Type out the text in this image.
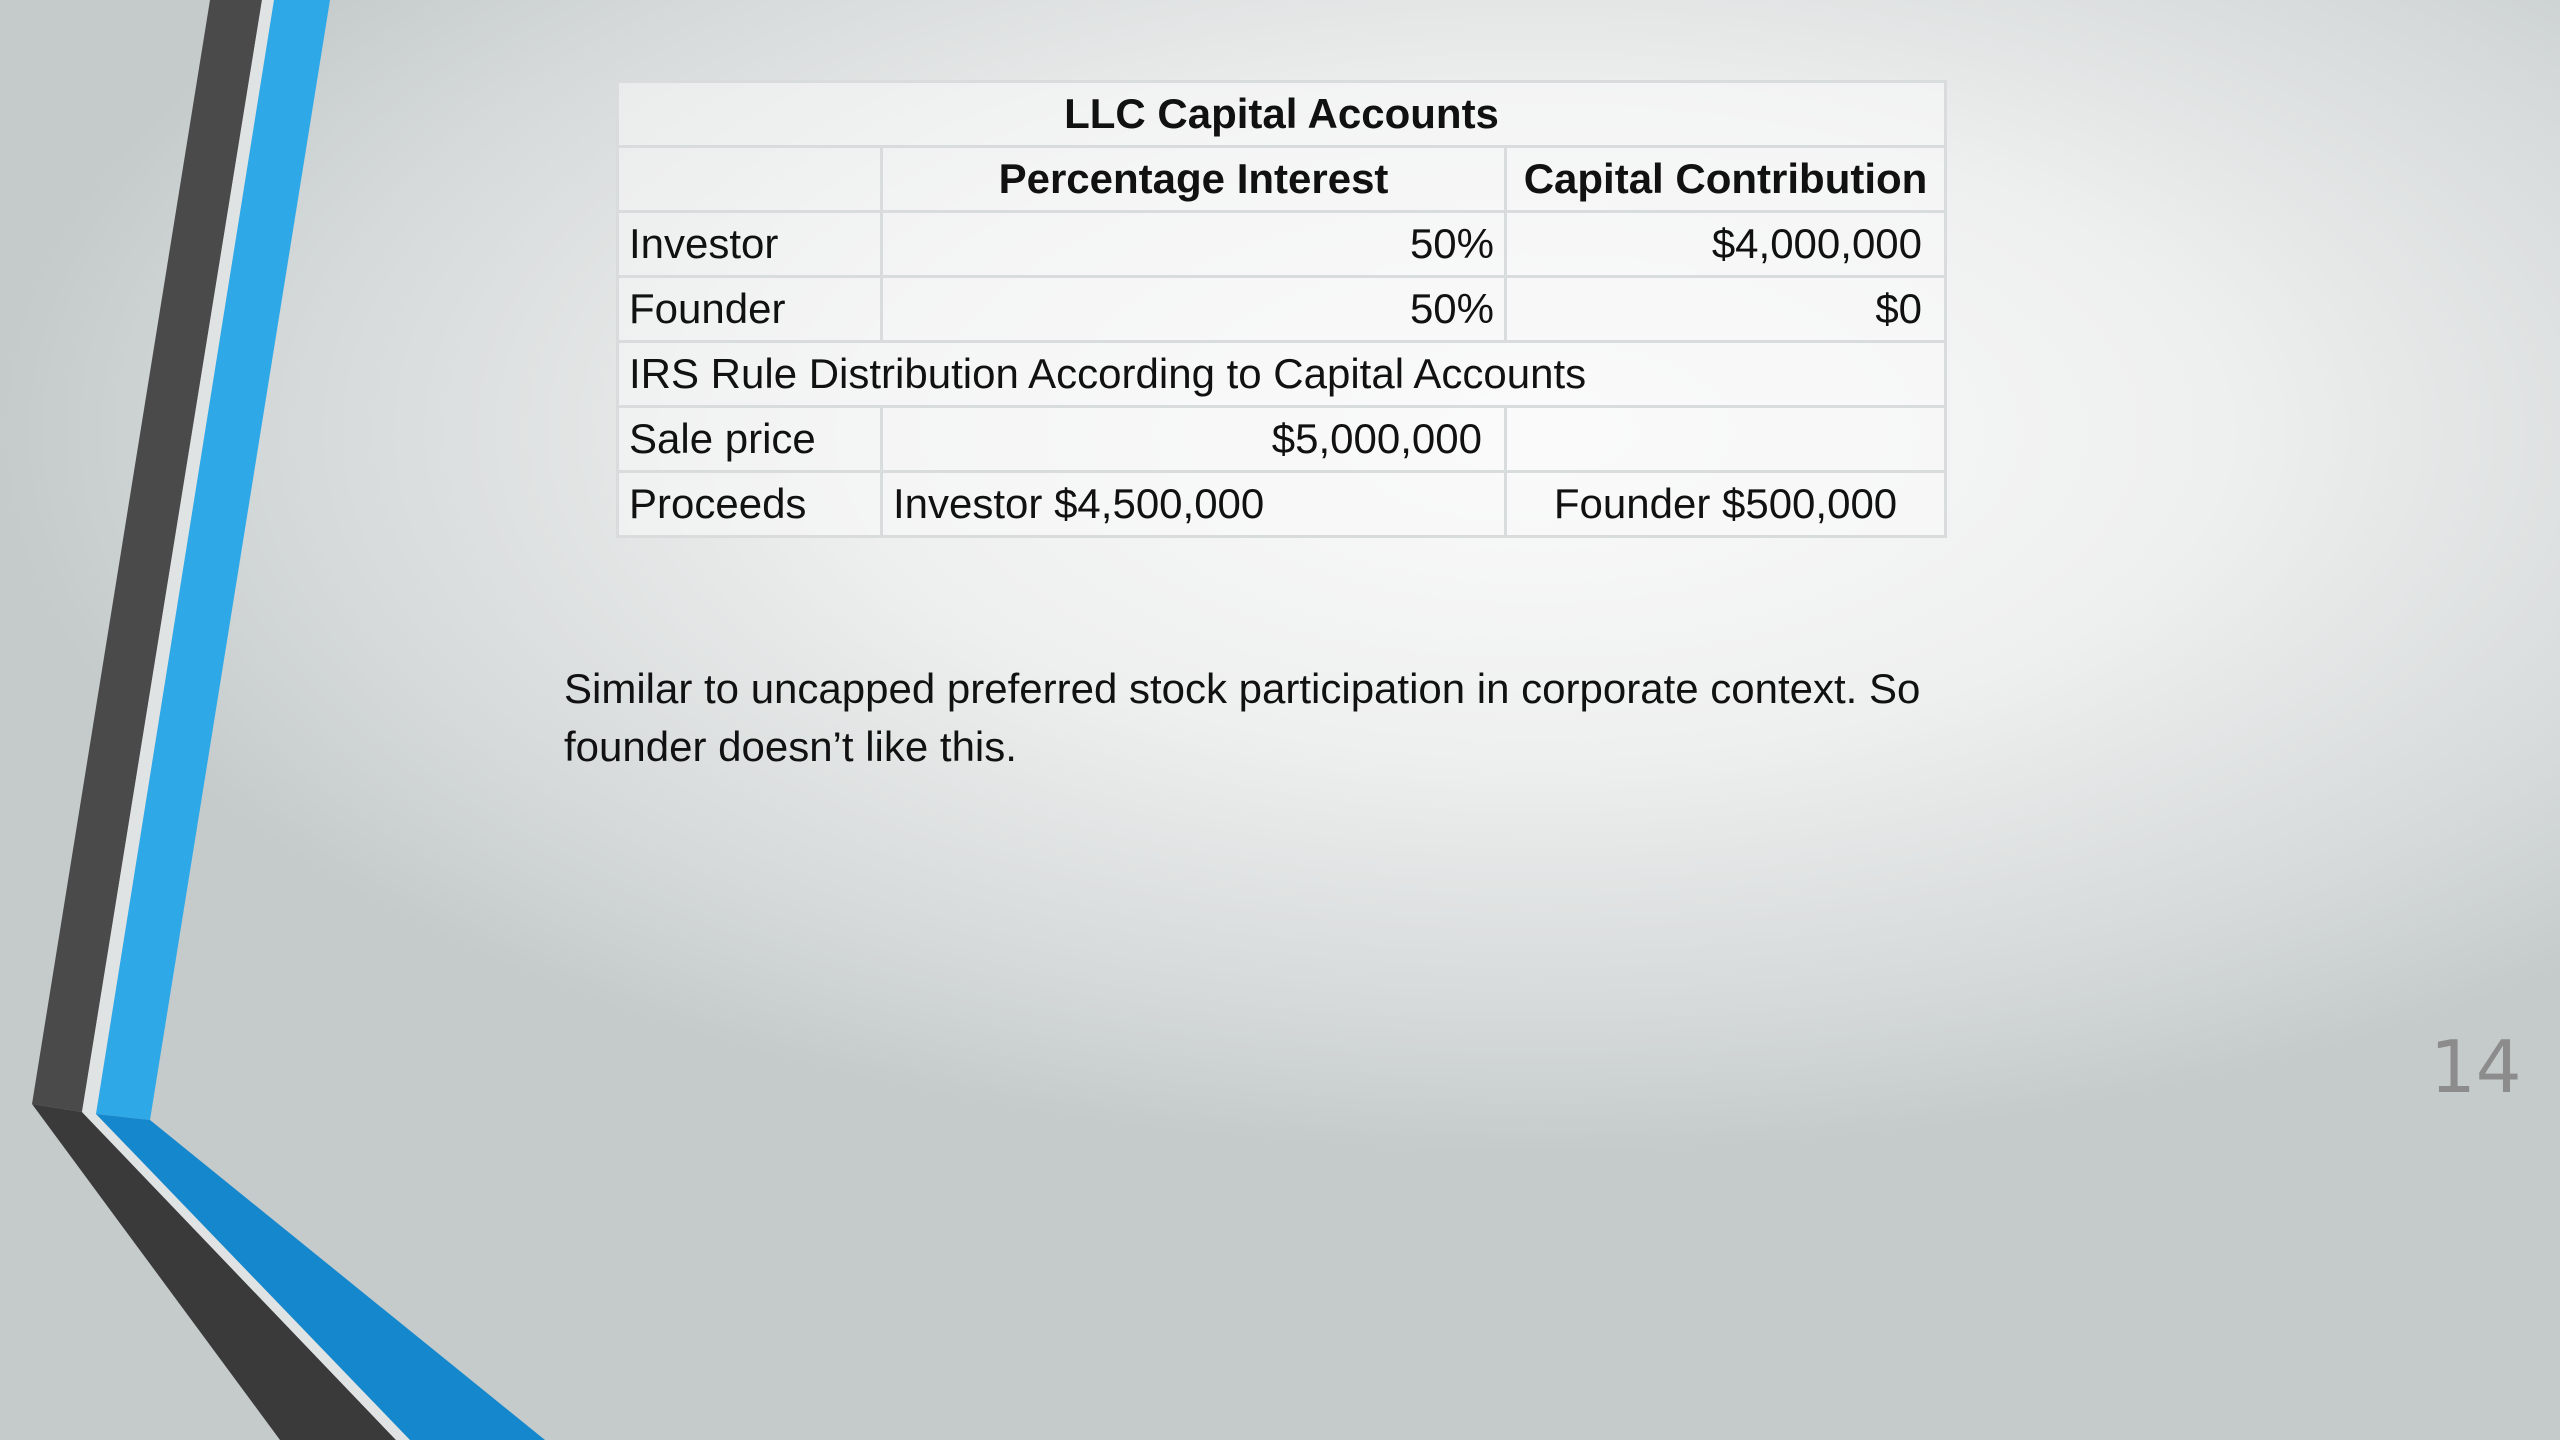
LLC Capital Accounts		
	Percentage Interest	Capital Contribution
Investor	50%	$4,000,000
Founder	50%	$0
IRS Rule Distribution According to Capital Accounts		
Sale price	$5,000,000	
Proceeds	Investor $4,500,000	Founder $500,000

Similar to uncapped preferred stock participation in corporate context. So
founder doesn’t like this.

14
